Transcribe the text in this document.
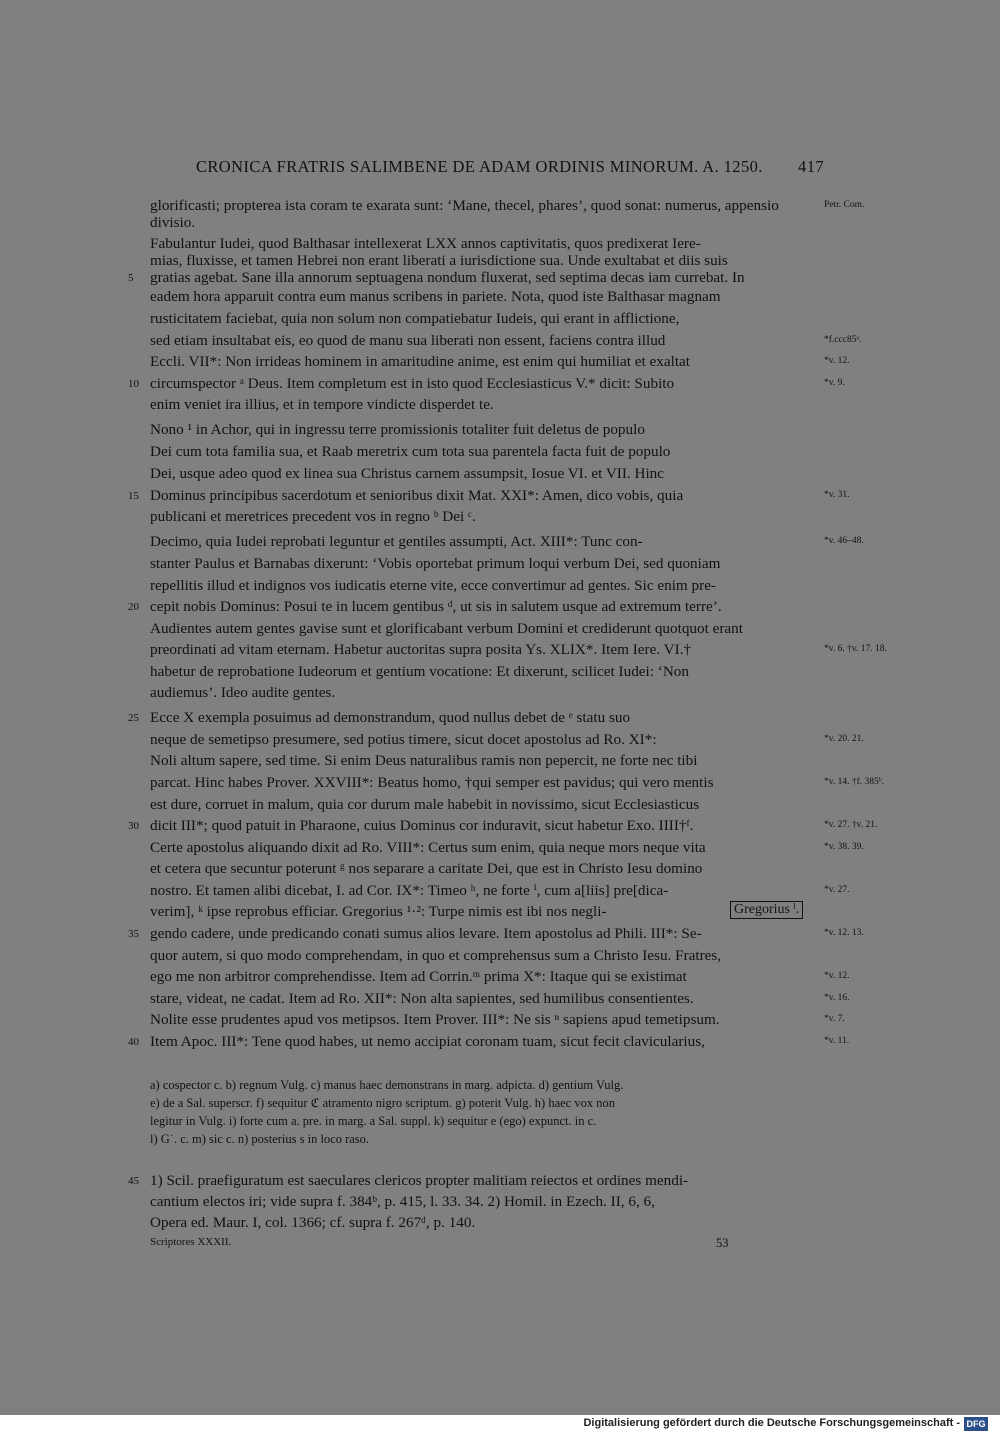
CRONICA FRATRIS SALIMBENE DE ADAM ORDINIS MINORUM. A. 1250. 417
glorificasti; propterea ista coram te exarata sunt: ‘Mane, thecel, phares’, quod sonat: numerus, appensio
divisio.
Fabulantur Iudei, quod Balthasar intellexerat LXX annos captivitatis, quos predixerat Iere-
mias, fluxisse, et tamen Hebrei non erant liberati a iurisdictione sua. Unde exultabat et diis suis
gratias agebat. Sane illa annorum septuagena nondum fluxerat, sed septima decas iam currebat. In
eadem hora apparuit contra eum manus scribens in pariete. Nota, quod iste Balthasar magnam
rusticitatem faciebat, quia non solum non compatiebatur Iudeis, qui erant in afflictione,
sed etiam insultabat eis, eo quod de manu sua liberati non essent, faciens contra illud
Eccli. VII*: Non irrideas hominem in amaritudine anime, est enim qui humiliat et exaltat
circumspector ᵃ Deus. Item completum est in isto quod Ecclesiasticus V.* dicit: Subito
enim veniet ira illius, et in tempore vindicte disperdet te.
Nono ¹ in Achor, qui in ingressu terre promissionis totaliter fuit deletus de populo
Dei cum tota familia sua, et Raab meretrix cum tota sua parentela facta fuit de populo
Dei, usque adeo quod ex linea sua Christus carnem assumpsit, Iosue VI. et VII. Hinc
Dominus principibus sacerdotum et senioribus dixit Mat. XXI*: Amen, dico vobis, quia
publicani et meretrices precedent vos in regno ᵇ Dei ᶜ.
Decimo, quia Iudei reprobati leguntur et gentiles assumpti, Act. XIII*: Tunc con-
stanter Paulus et Barnabas dixerunt: ‘Vobis oportebat primum loqui verbum Dei, sed quoniam
repellitis illud et indignos vos iudicatis eterne vite, ecce convertimur ad gentes. Sic enim pre-
cepit nobis Dominus: Posui te in lucem gentibus ᵈ, ut sis in salutem usque ad extremum terre’.
Audientes autem gentes gavise sunt et glorificabant verbum Domini et crediderunt quotquot erant
preordinati ad vitam eternam. Habetur auctoritas supra posita Ys. XLIX*. Item Iere. VI.†
habetur de reprobatione Iudeorum et gentium vocatione: Et dixerunt, scilicet Iudei: ‘Non
audiemus’. Ideo audite gentes.
Ecce X exempla posuimus ad demonstrandum, quod nullus debet de ᵉ statu suo
neque de semetipso presumere, sed potius timere, sicut docet apostolus ad Ro. XI*:
Noli altum sapere, sed time. Si enim Deus naturalibus ramis non pepercit, ne forte nec tibi
parcat. Hinc habes Prover. XXVIII*: Beatus homo, †qui semper est pavidus; qui vero mentis
est dure, corruet in malum, quia cor durum male habebit in novissimo, sicut Ecclesiasticus
dicit III*; quod patuit in Pharaone, cuius Dominus cor induravit, sicut habetur Exo. IIII†ᶠ.
Certe apostolus aliquando dixit ad Ro. VIII*: Certus sum enim, quia neque mors neque vita
et cetera que secuntur poterunt ᵍ nos separare a caritate Dei, que est in Christo Iesu domino
nostro. Et tamen alibi dicebat, I. ad Cor. IX*: Timeo ʰ, ne forte ⁱ, cum a[liis] pre[dica-
verim], ᵏ ipse reprobus efficiar. Gregorius ¹·²: Turpe nimis est ibi nos negli-	Gregorius ˡ.
gendo cadere, unde predicando conati sumus alios levare. Item apostolus ad Phili. III*: Se-
quor autem, si quo modo comprehendam, in quo et comprehensus sum a Christo Iesu. Fratres,
ego me non arbitror comprehendisse. Item ad Corrin.ᵐ prima X*: Itaque qui se existimat
stare, videat, ne cadat. Item ad Ro. XII*: Non alta sapientes, sed humilibus consentientes.
Nolite esse prudentes apud vos metipsos. Item Prover. III*: Ne sis ⁿ sapiens apud temetipsum.
Item Apoc. III*: Tene quod habes, ut nemo accipiat coronam tuam, sicut fecit clavicularius,
a) cospector c. b) regnum Vulg. c) manus haec demonstrans in marg. adpicta. d) gentium Vulg.
e) de a Sal. superscr. f) sequitur ℭ atramento nigro scriptum. g) poterit Vulg. h) haec vox non
legitur in Vulg. i) forte cum a. pre. in marg. a Sal. suppl. k) sequitur e (ego) expunct. in c.
l) G˙. c. m) sic c. n) posterius s in loco raso.
1) Scil. praefiguratum est saeculares clericos propter malitiam reiectos et ordines mendi-
cantium electos iri; vide supra f. 384ᵇ, p. 415, l. 33. 34. 2) Homil. in Ezech. II, 6, 6,
Opera ed. Maur. I, col. 1366; cf. supra f. 267ᵈ, p. 140.
5
10
15
20
25
30
35
40
45
Petr. Com.
*f.ccc85ᵃ.
*v. 12.
*v. 9.
*v. 31.
*v. 46–48.
*v. 6. †v. 17. 18.
*v. 20. 21.
*v. 14. †f. 385ᵇ.
*v. 27. †v. 21.
*v. 38. 39.
*v. 27.
*v. 12. 13.
*v. 12.
*v. 16.
*v. 7.
*v. 11.
Scriptores XXXII.	53
Digitalisierung gefördert durch die Deutsche Forschungsgemeinschaft - DFG
